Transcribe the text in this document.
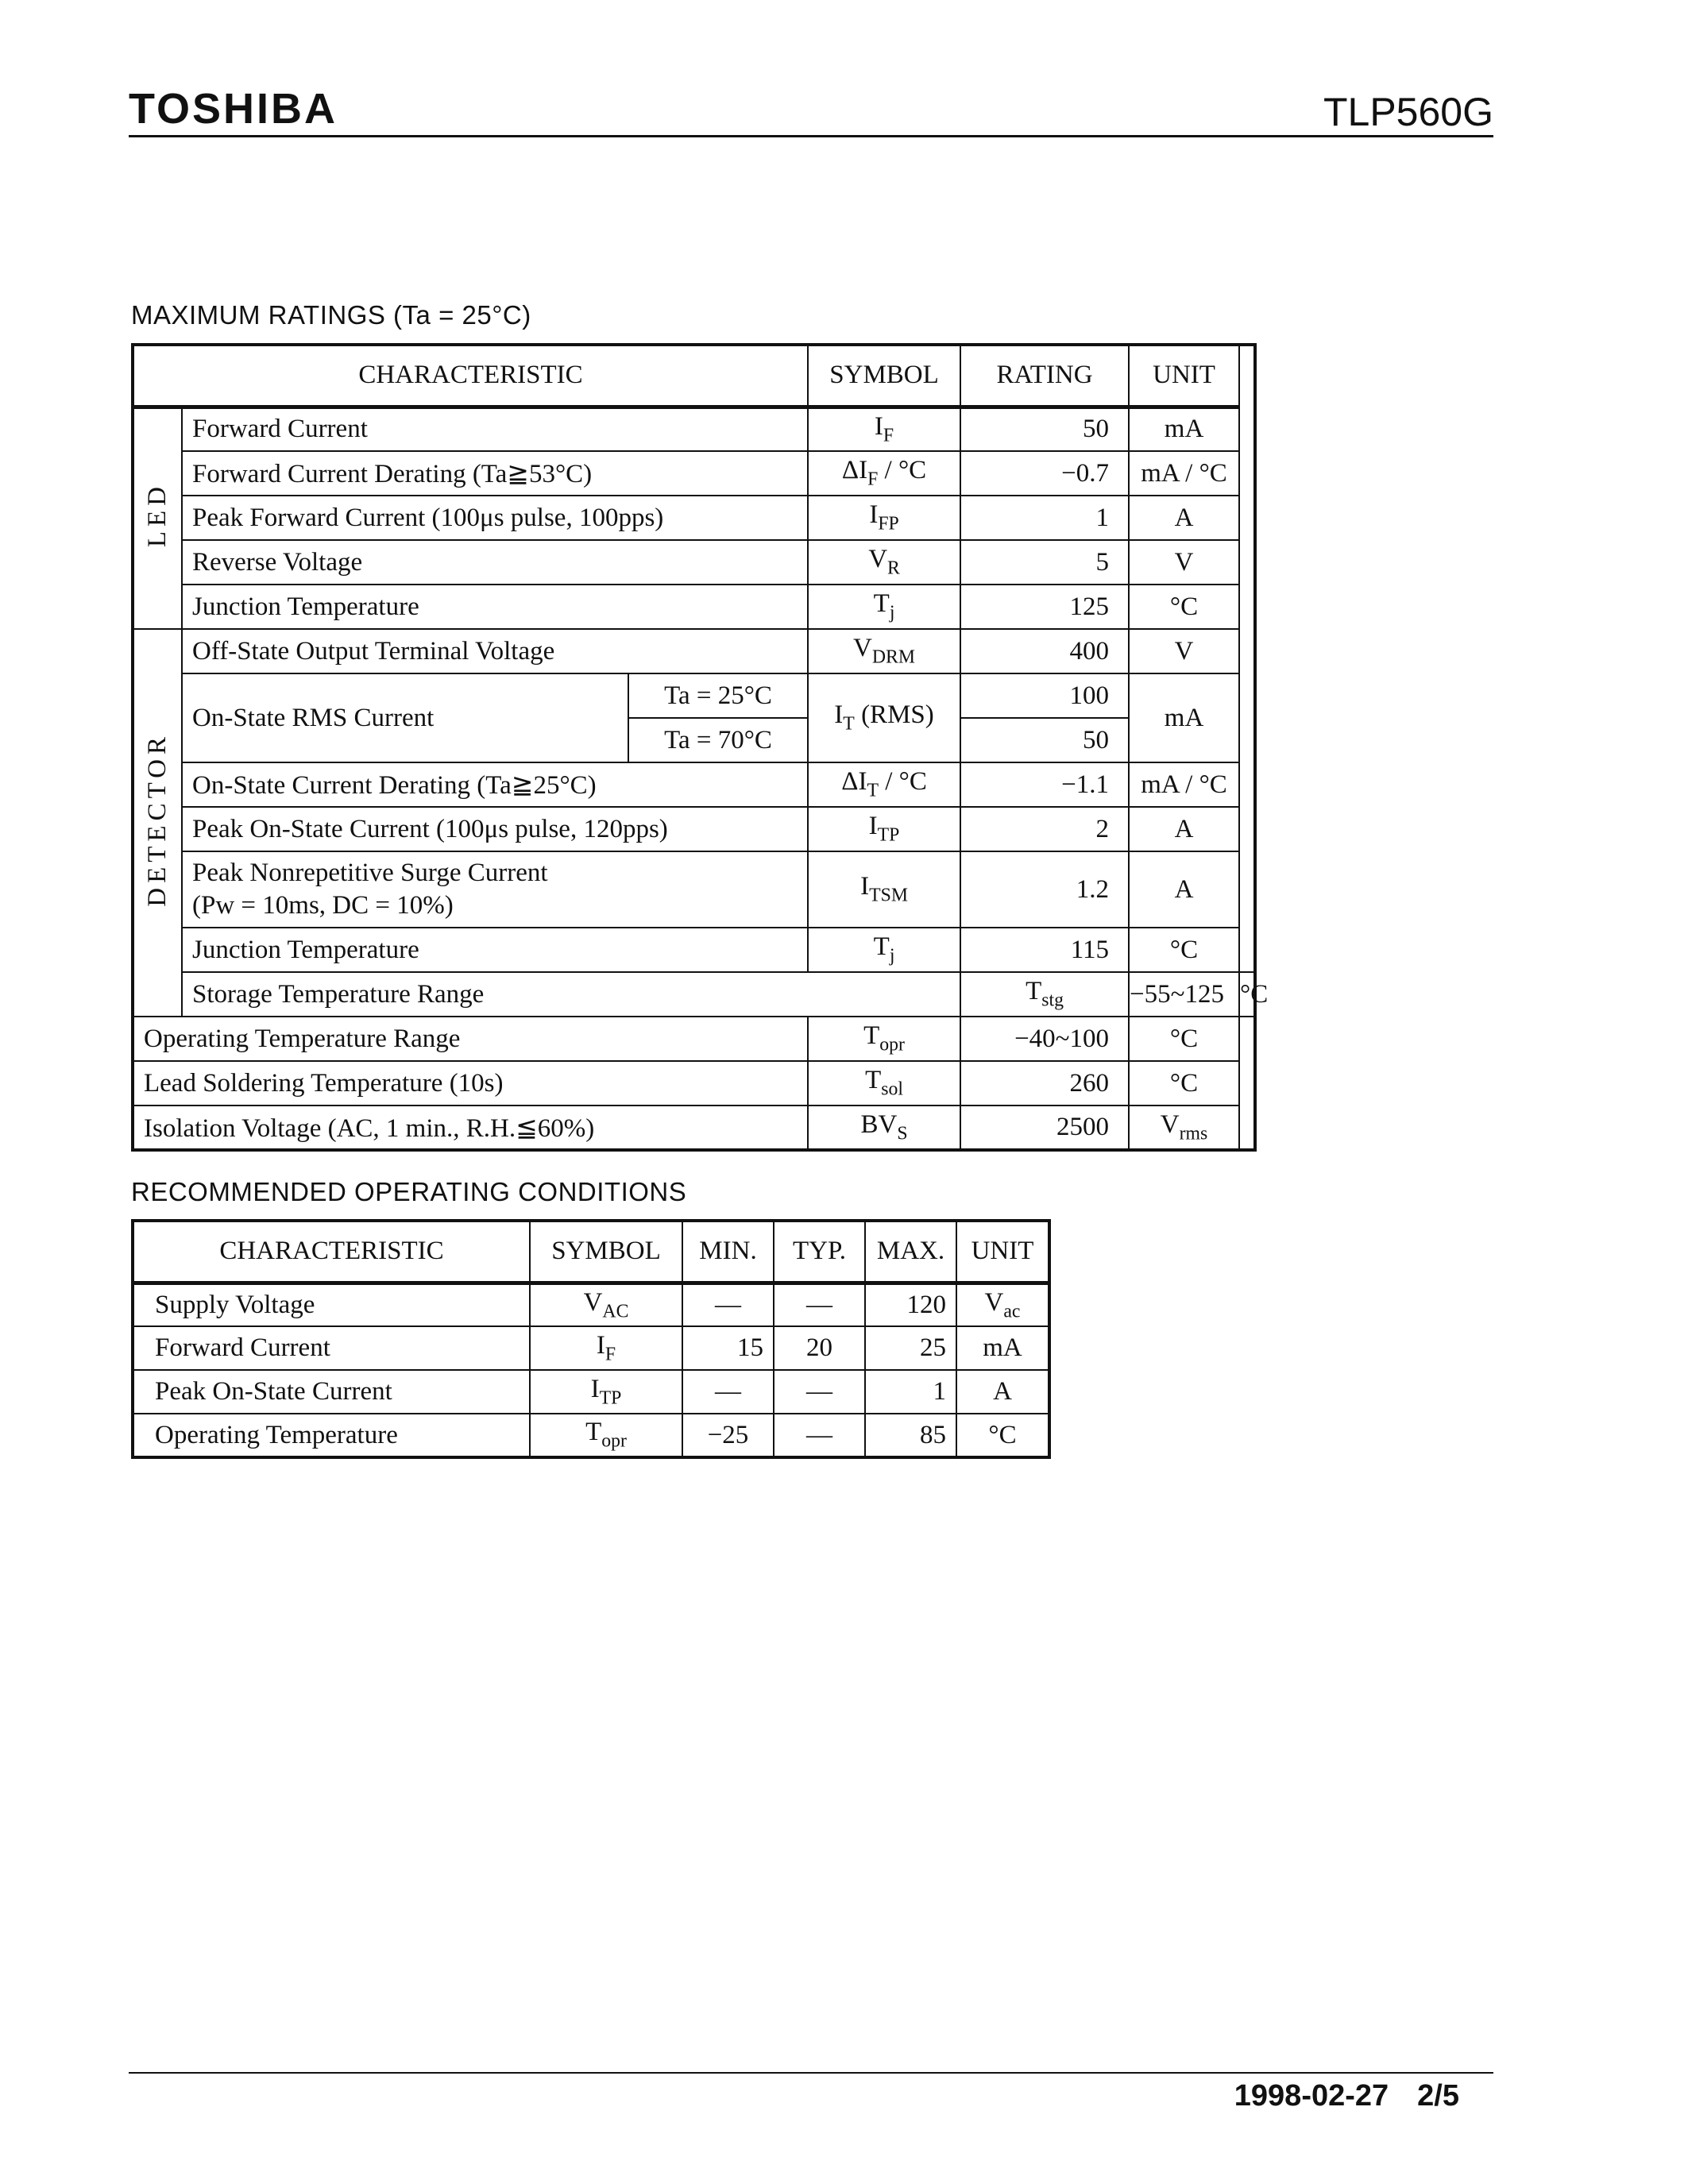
TOSHIBA	TLP560G
MAXIMUM RATINGS (Ta = 25°C)
CHARACTERISTIC			SYMBOL	RATING	UNIT	
LED	Forward Current		$I_F$	50	mA	
	Forward Current Derating (Ta≧53°C)		$\Delta I_F / ^\circ C$	−0.7	mA / °C	
	Peak Forward Current (100μs pulse, 100pps)		$I_{FP}$	1	A	
	Reverse Voltage		$V_R$	5	V	
	Junction Temperature		$T_j$	125	°C	
DETECTOR	Off-State Output Terminal Voltage		$V_{DRM}$	400	V	
	On-State RMS Current	Ta = 25°C	$I_T$ (RMS)	100	mA	
		Ta = 70°C		50		
	On-State Current Derating (Ta≧25°C)		$\Delta I_T / ^\circ C$	−1.1	mA / °C	
	Peak On-State Current (100μs pulse, 120pps)		$I_{TP}$	2	A	
	Peak Nonrepetitive Surge Current
(Pw = 10ms, DC = 10%)		$I_{TSM}$	1.2	A	
	Junction Temperature		$T_j$	115	°C	
	Storage Temperature Range			$T_{stg}$	−55~125	°C
Operating Temperature Range			$T_{opr}$	−40~100	°C	
Lead Soldering Temperature (10s)			$T_{sol}$	260	°C	
Isolation Voltage (AC, 1 min., R.H.≦60%)			$BV_S$	2500	$V_{rms}$
RECOMMENDED OPERATING CONDITIONS
CHARACTERISTIC	SYMBOL	MIN.	TYP.	MAX.	UNIT
Supply Voltage	$V_{AC}$	—	—	120	$V_{ac}$
Forward Current	$I_F$	15	20	25	mA
Peak On-State Current	$I_{TP}$	—	—	1	A
Operating Temperature	$T_{opr}$	−25	—	85	°C
1998-02-27 2/5
